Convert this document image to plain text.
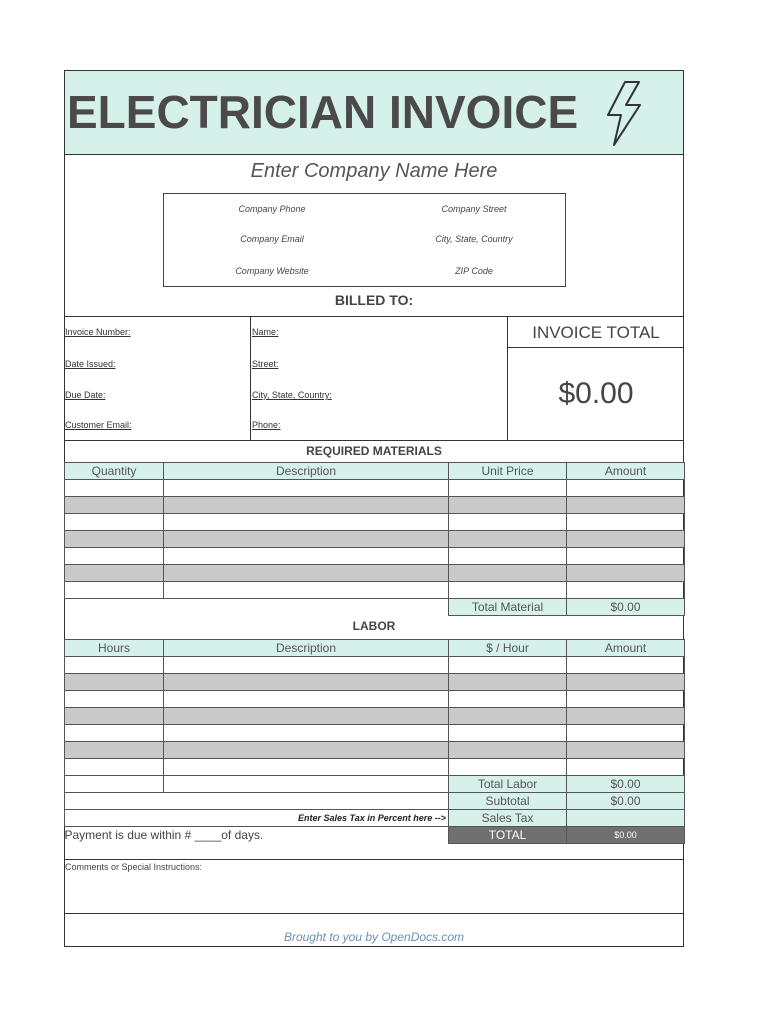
ELECTRICIAN INVOICE
Enter Company Name Here
Company Phone	Company Street
Company Email	City, State, Country
Company Website	ZIP Code
BILLED TO:
Invoice Number:
Date Issued:
Due Date:
Customer Email:
Name:
Street:
City, State, Country:
Phone:
INVOICE TOTAL
$0.00
REQUIRED MATERIALS
Quantity	Description	Unit Price	Amount

		Total Material	$0.00
LABOR
Hours	Description	$ / Hour	Amount

		Total Labor	$0.00
		Subtotal	$0.00
Enter Sales Tax in Percent here -->		Sales Tax	
Payment is due within # ____of days.		TOTAL	$0.00
Comments or Special Instructions:
Brought to you by OpenDocs.com
